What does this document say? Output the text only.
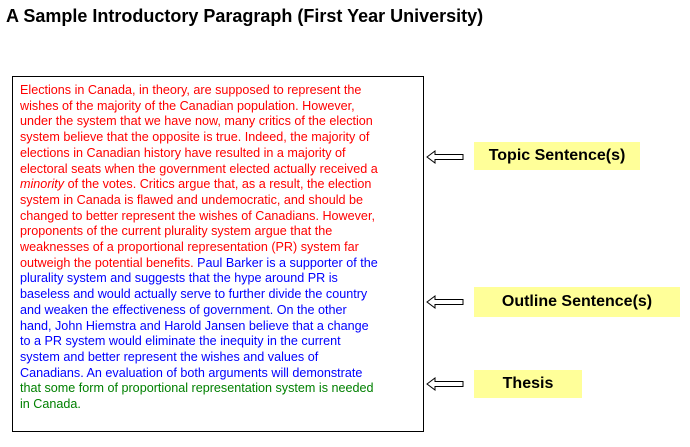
A Sample Introductory Paragraph (First Year University)
Elections in Canada, in theory, are supposed to represent the
wishes of the majority of the Canadian population. However,
under the system that we have now, many critics of the election
system believe that the opposite is true. Indeed, the majority of
elections in Canadian history have resulted in a majority of
electoral seats when the government elected actually received a
minority of the votes. Critics argue that, as a result, the election
system in Canada is flawed and undemocratic, and should be
changed to better represent the wishes of Canadians. However,
proponents of the current plurality system argue that the
weaknesses of a proportional representation (PR) system far
outweigh the potential benefits. Paul Barker is a supporter of the
plurality system and suggests that the hype around PR is
baseless and would actually serve to further divide the country
and weaken the effectiveness of government. On the other
hand, John Hiemstra and Harold Jansen believe that a change
to a PR system would eliminate the inequity in the current
system and better represent the wishes and values of
Canadians. An evaluation of both arguments will demonstrate
that some form of proportional representation system is needed
in Canada.
Topic Sentence(s)
Outline Sentence(s)
Thesis
